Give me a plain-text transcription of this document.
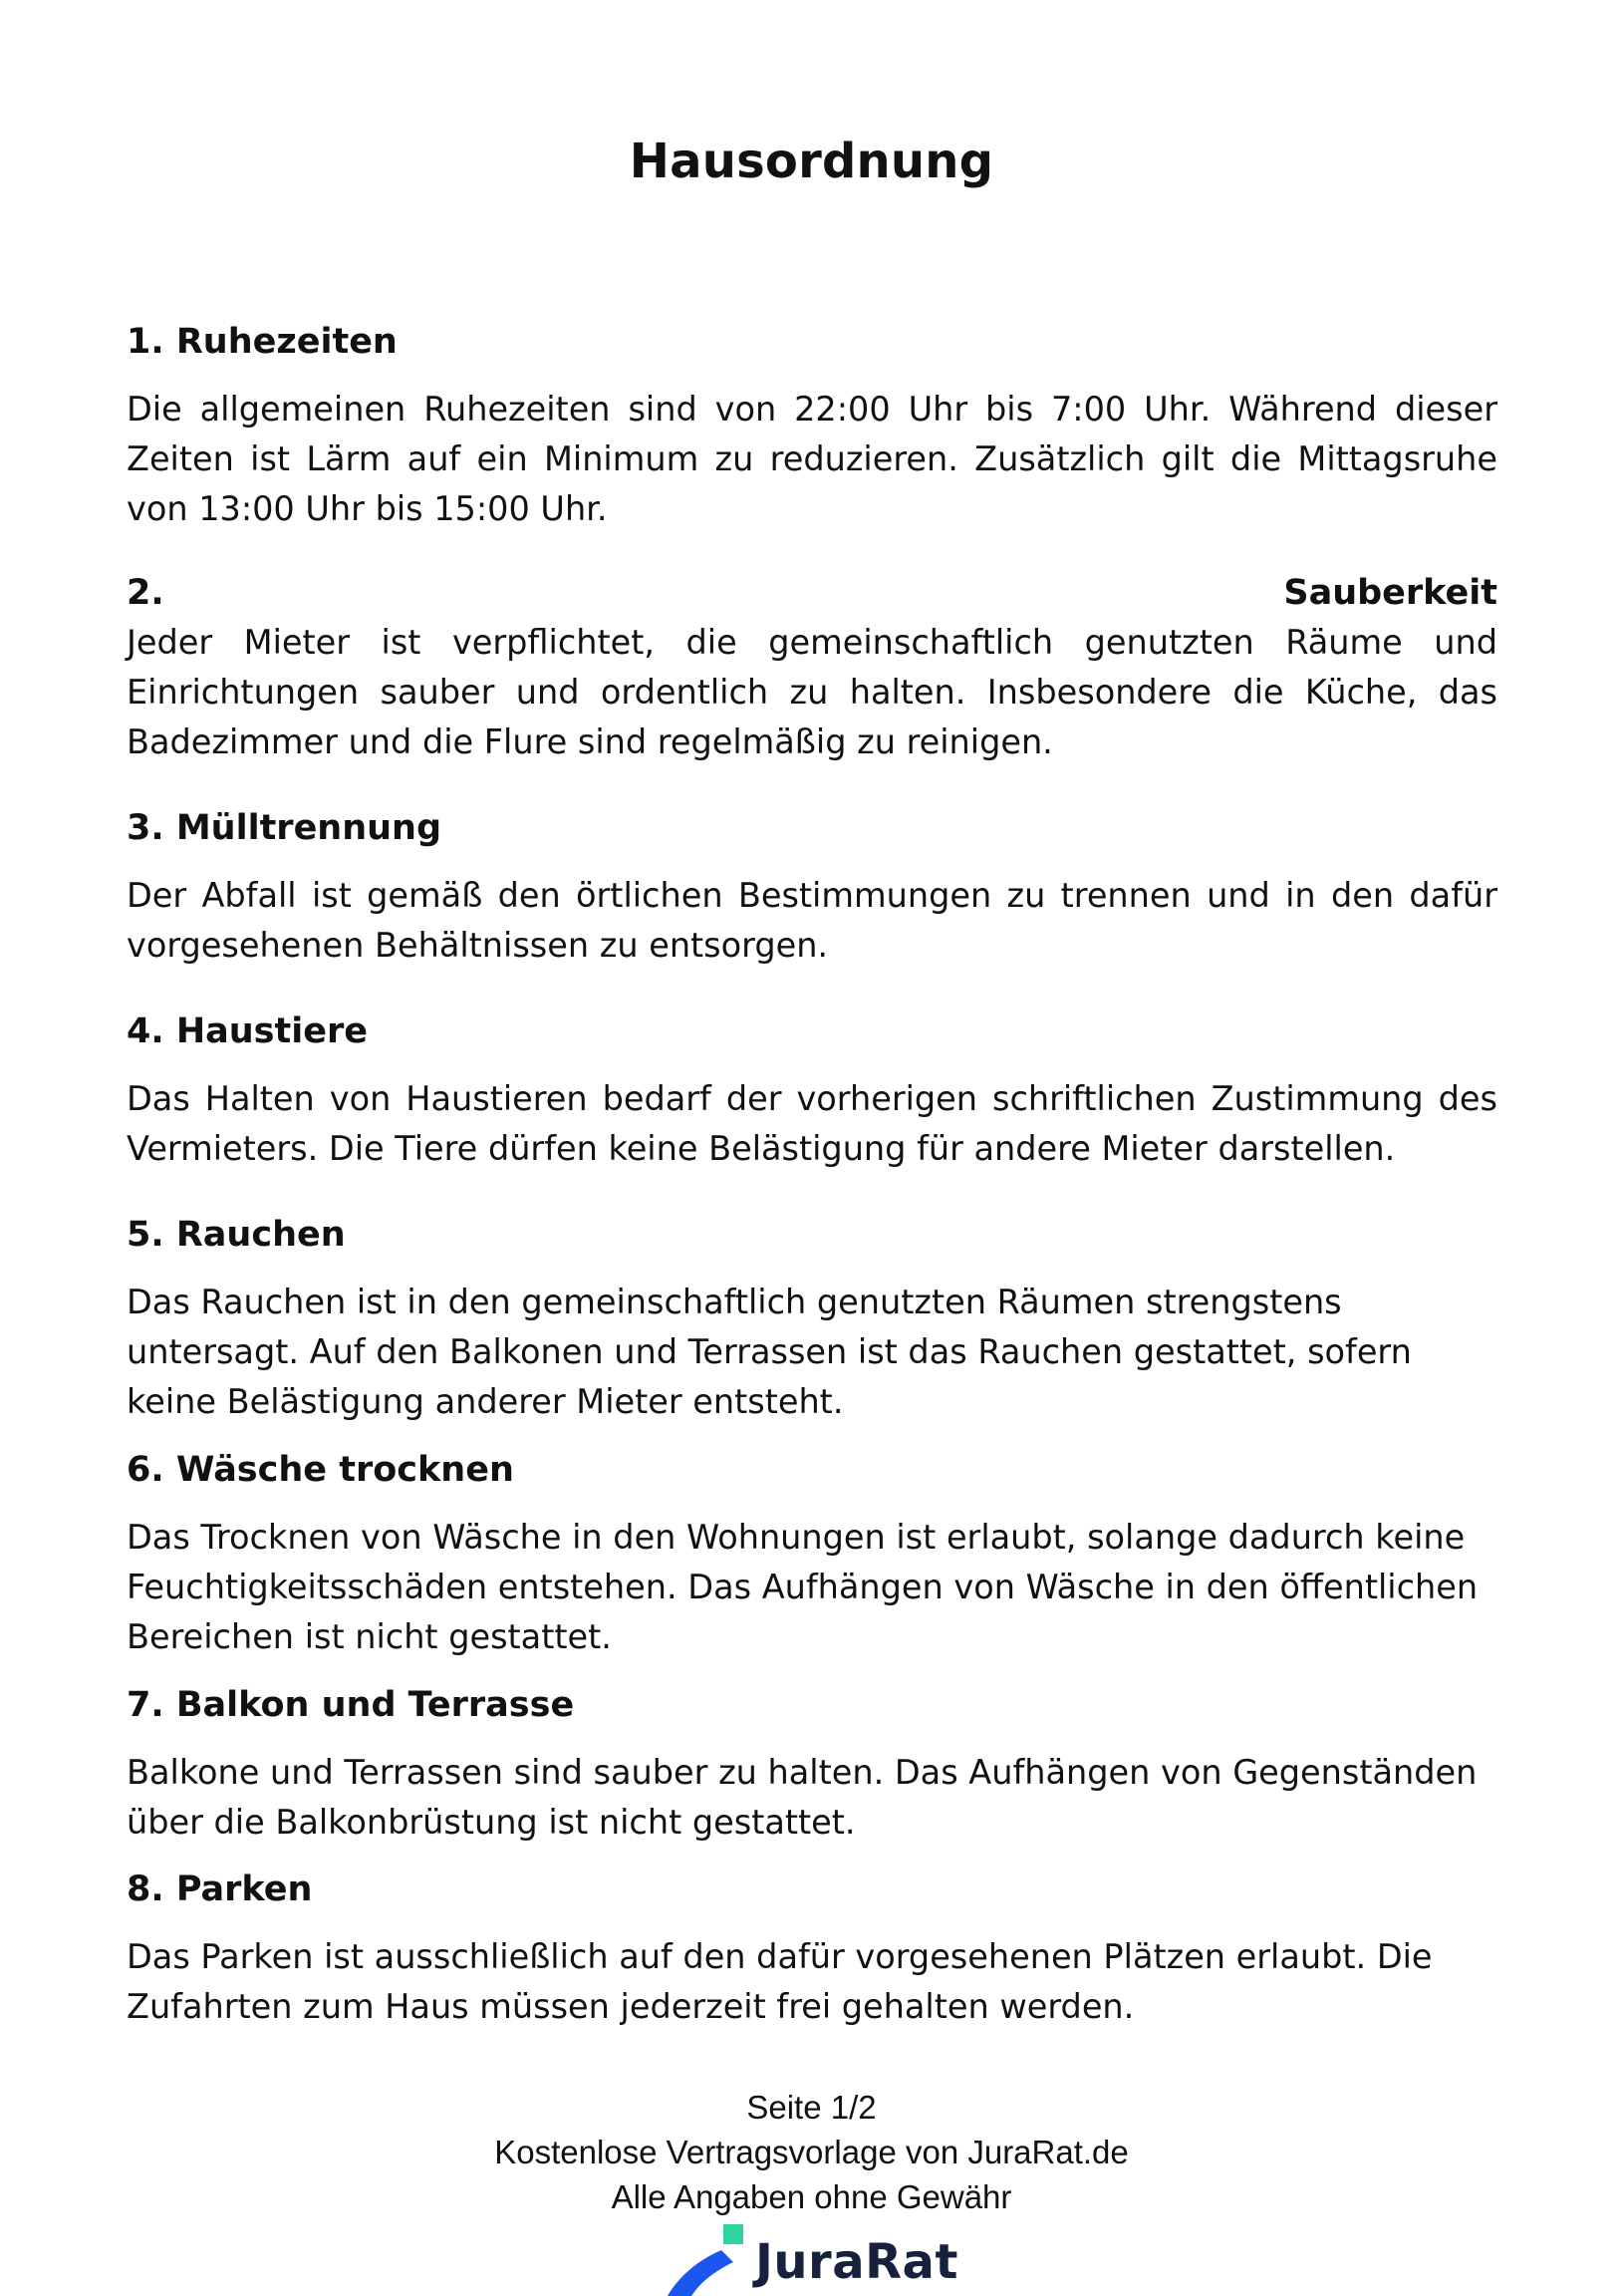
Hausordnung
1. Ruhezeiten

Die allgemeinen Ruhezeiten sind von 22:00 Uhr bis 7:00 Uhr. Während dieser Zeiten ist Lärm auf ein Minimum zu reduzieren. Zusätzlich gilt die Mittagsruhe von 13:00 Uhr bis 15:00 Uhr.

2.	Sauberkeit

Jeder Mieter ist verpflichtet, die gemeinschaftlich genutzten Räume und Einrichtungen sauber und ordentlich zu halten. Insbesondere die Küche, das Badezimmer und die Flure sind regelmäßig zu reinigen.

3. Mülltrennung

Der Abfall ist gemäß den örtlichen Bestimmungen zu trennen und in den dafür vorgesehenen Behältnissen zu entsorgen.

4. Haustiere

Das Halten von Haustieren bedarf der vorherigen schriftlichen Zustimmung des Vermieters. Die Tiere dürfen keine Belästigung für andere Mieter darstellen.

5. Rauchen

Das Rauchen ist in den gemeinschaftlich genutzten Räumen strengstens untersagt. Auf den Balkonen und Terrassen ist das Rauchen gestattet, sofern keine Belästigung anderer Mieter entsteht.

6. Wäsche trocknen

Das Trocknen von Wäsche in den Wohnungen ist erlaubt, solange dadurch keine Feuchtigkeitsschäden entstehen. Das Aufhängen von Wäsche in den öffentlichen Bereichen ist nicht gestattet.

7. Balkon und Terrasse

Balkone und Terrassen sind sauber zu halten. Das Aufhängen von Gegenständen über die Balkonbrüstung ist nicht gestattet.

8. Parken

Das Parken ist ausschließlich auf den dafür vorgesehenen Plätzen erlaubt. Die Zufahrten zum Haus müssen jederzeit frei gehalten werden.

Seite 1/2
Kostenlose Vertragsvorlage von JuraRat.de
Alle Angaben ohne Gewähr
JuraRat
